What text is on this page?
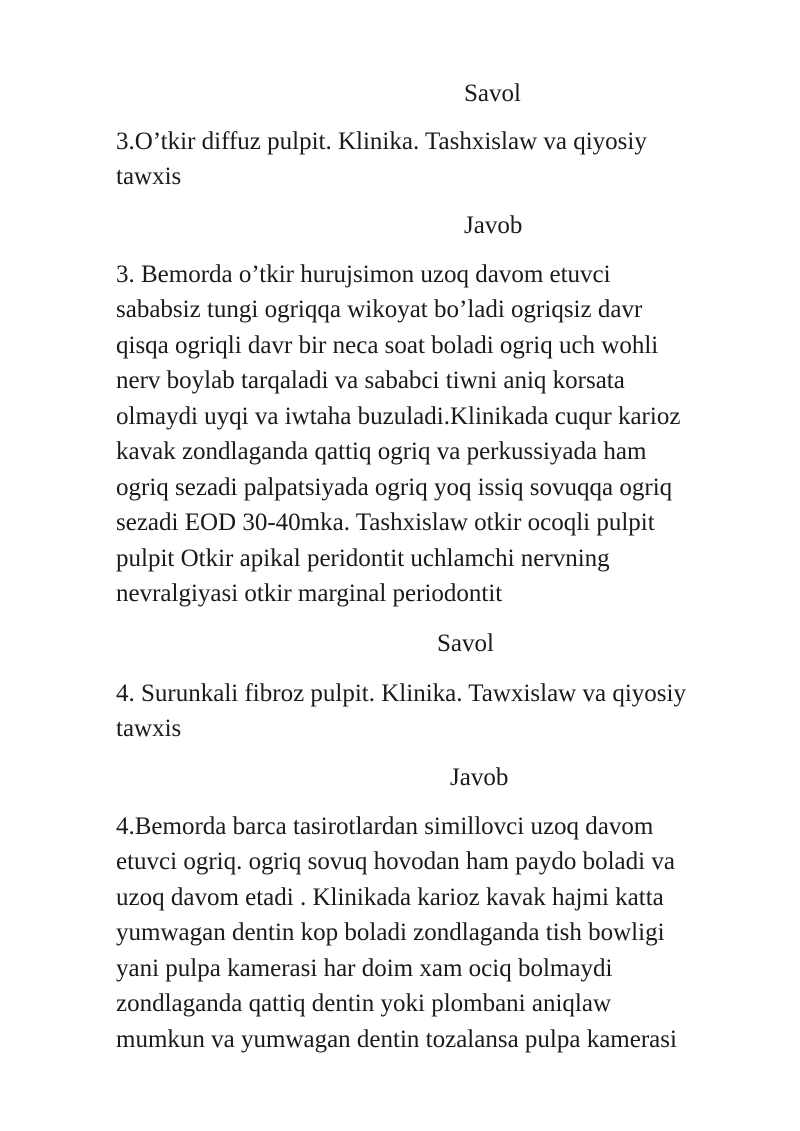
Savol
3.O’tkir diffuz pulpit. Klinika. Tashxislaw va qiyosiy
tawxis
Javob
3. Bemorda o’tkir hurujsimon uzoq davom etuvci
sababsiz tungi ogriqqa wikoyat bo’ladi ogriqsiz davr
qisqa ogriqli davr bir neca soat boladi ogriq uch wohli
nerv boylab tarqaladi va sababci tiwni aniq korsata
olmaydi uyqi va iwtaha buzuladi.Klinikada cuqur karioz
kavak zondlaganda qattiq ogriq va perkussiyada ham
ogriq sezadi palpatsiyada ogriq yoq issiq sovuqqa ogriq
sezadi EOD 30-40mka. Tashxislaw otkir ocoqli pulpit
pulpit Otkir apikal peridontit uchlamchi nervning
nevralgiyasi otkir marginal periodontit
Savol
4. Surunkali fibroz pulpit. Klinika. Tawxislaw va qiyosiy
tawxis
Javob
4.Bemorda barca tasirotlardan simillovci uzoq davom
etuvci ogriq. ogriq sovuq hovodan ham paydo boladi va
uzoq davom etadi . Klinikada karioz kavak hajmi katta
yumwagan dentin kop boladi zondlaganda tish bowligi
yani pulpa kamerasi har doim xam ociq bolmaydi
zondlaganda qattiq dentin yoki plombani aniqlaw
mumkun va yumwagan dentin tozalansa pulpa kamerasi
